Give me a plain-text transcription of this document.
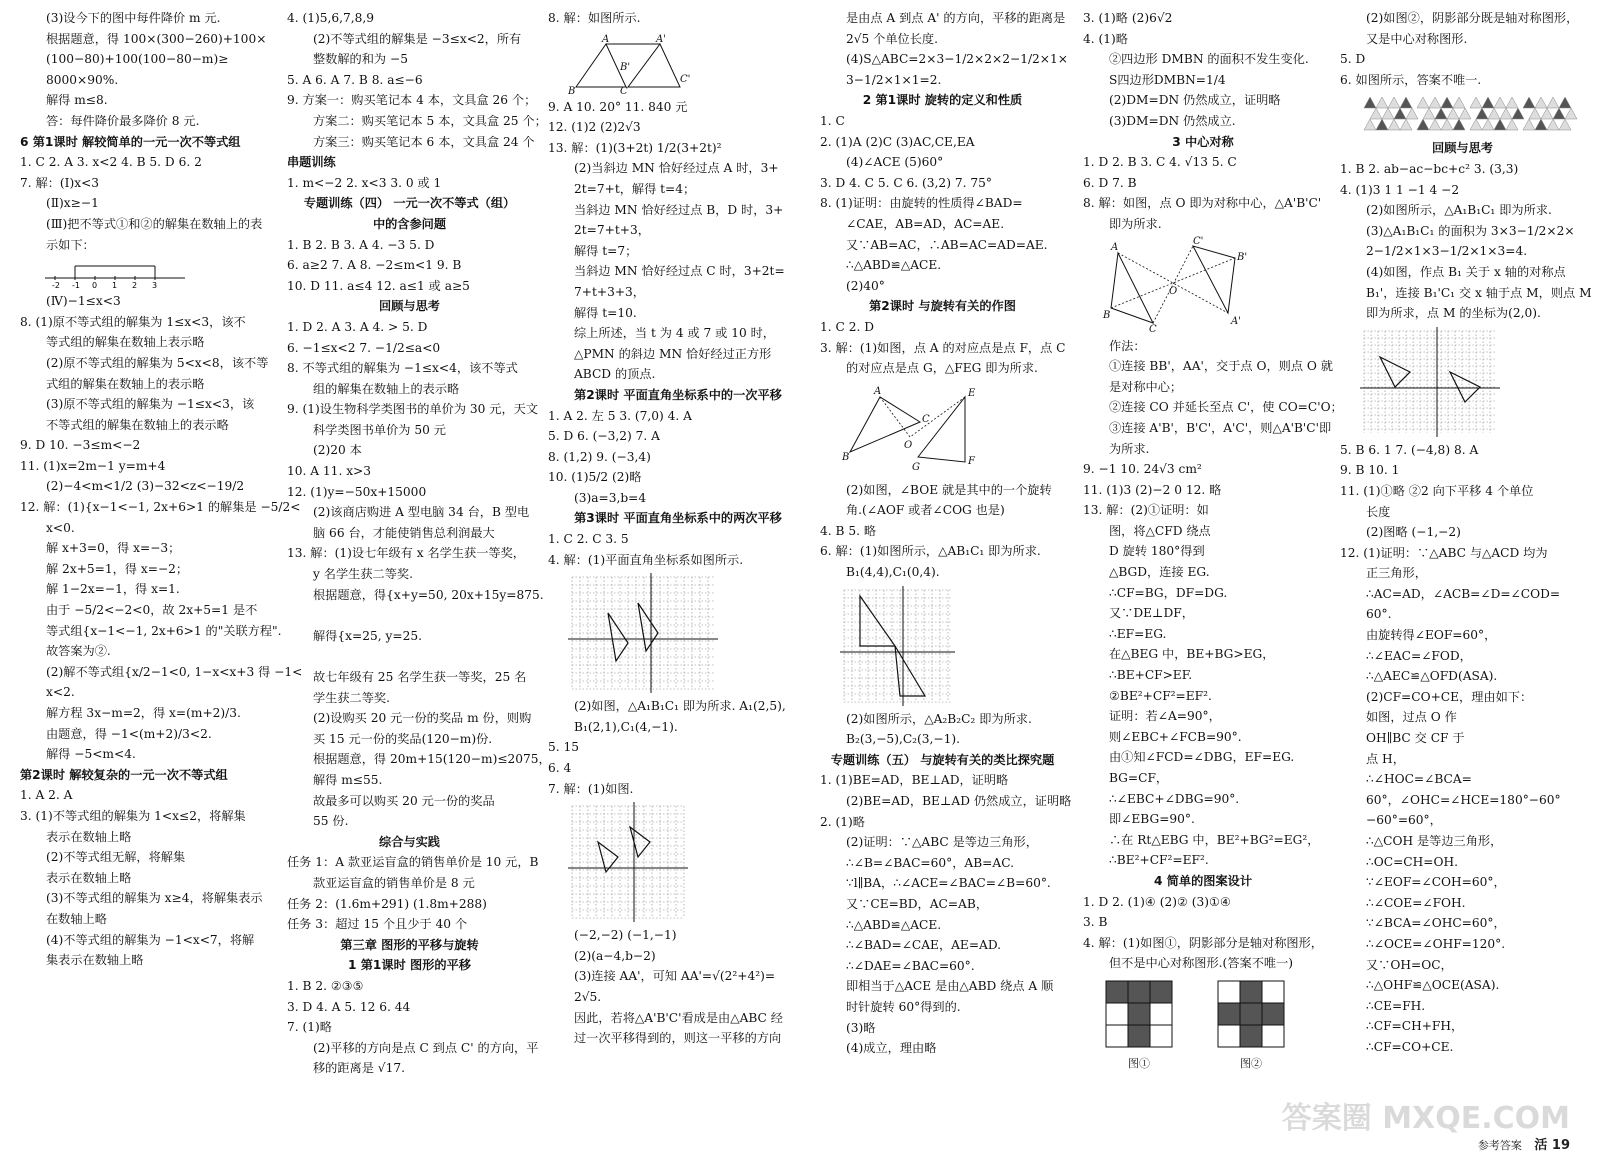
(3)设今下的图中每件降价 m 元.
根据题意，得 100×(300−260)+100×
(100−80)+100(100−80−m)≥
8000×90%.
解得 m≤8.
答：每件降价最多降价 8 元.
6 第1课时 解较简单的一元一次不等式组
1. C 2. A 3. x<2 4. B 5. D 6. 2
7. 解：(Ⅰ)x<3
(Ⅱ)x≥−1
(Ⅲ)把不等式①和②的解集在数轴上的表
示如下：
-2 -1 0 1 2 3
(Ⅳ)−1≤x<3
8. (1)原不等式组的解集为 1≤x<3，该不
等式组的解集在数轴上表示略
(2)原不等式组的解集为 5<x<8，该不等
式组的解集在数轴上的表示略
(3)原不等式组的解集为 −1≤x<3，该
不等式组的解集在数轴上的表示略
9. D 10. −3≤m<−2
11. (1)x=2m−1 y=m+4
(2)−4<m<1/2 (3)−32<z<−19/2
12. 解：(1){x−1<−1, 2x+6>1 的解集是 −5/2<
x<0.
解 x+3=0，得 x=−3；
解 2x+5=1，得 x=−2；
解 1−2x=−1，得 x=1.
由于 −5/2<−2<0，故 2x+5=1 是不
等式组{x−1<−1, 2x+6>1 的"关联方程".
故答案为②.
(2)解不等式组{x/2−1<0, 1−x<x+3 得 −1<
x<2.
解方程 3x−m=2，得 x=(m+2)/3.
由题意，得 −1<(m+2)/3<2.
解得 −5<m<4.
第2课时 解较复杂的一元一次不等式组
1. A 2. A
3. (1)不等式组的解集为 1<x≤2，将解集
表示在数轴上略
(2)不等式组无解，将解集
表示在数轴上略
(3)不等式组的解集为 x≥4，将解集表示
在数轴上略
(4)不等式组的解集为 −1<x<7，将解
集表示在数轴上略
4. (1)5,6,7,8,9
(2)不等式组的解集是 −3≤x<2，所有
整数解的和为 −5
5. A 6. A 7. B 8. a≤−6
9. 方案一：购买笔记本 4 本，文具盒 26 个；
方案二：购买笔记本 5 本，文具盒 25 个；
方案三：购买笔记本 6 本，文具盒 24 个
串题训练
1. m<−2 2. x<3 3. 0 或 1
专题训练（四） 一元一次不等式（组）
中的含参问题
1. B 2. B 3. A 4. −3 5. D
6. a≥2 7. A 8. −2≤m<1 9. B
10. D 11. a≤4 12. a≤1 或 a≥5
回顾与思考
1. D 2. A 3. A 4. > 5. D
6. −1≤x<2 7. −1/2≤a<0
8. 不等式组的解集为 −1≤x<4，该不等式
组的解集在数轴上的表示略
9. (1)设生物科学类图书的单价为 30 元，天文
科学类图书单价为 50 元
(2)20 本
10. A 11. x>3
12. (1)y=−50x+15000
(2)该商店购进 A 型电脑 34 台，B 型电
脑 66 台，才能使销售总利润最大
13. 解：(1)设七年级有 x 名学生获一等奖，
y 名学生获二等奖.
根据题意，得{x+y=50, 20x+15y=875.

解得{x=25, y=25.

故七年级有 25 名学生获一等奖，25 名
学生获二等奖.
(2)设购买 20 元一份的奖品 m 份，则购
买 15 元一份的奖品(120−m)份.
根据题意，得 20m+15(120−m)≤2075，
解得 m≤55.
故最多可以购买 20 元一份的奖品
55 份.
综合与实践
任务 1：A 款亚运盲盒的销售单价是 10 元，B
款亚运盲盒的销售单价是 8 元
任务 2：(1.6m+291) (1.8m+288)
任务 3：超过 15 个且少于 40 个
第三章 图形的平移与旋转
1 第1课时 图形的平移
1. B 2. ②③⑤
3. D 4. A 5. 12 6. 44
7. (1)略
(2)平移的方向是点 C 到点 C' 的方向，平
移的距离是 √17.
8. 解：如图所示.
A	A'
B
B'
C
C'
9. A 10. 20° 11. 840 元
12. (1)2 (2)2√3
13. 解：(1)(3+2t) 1/2(3+2t)²
(2)当斜边 MN 恰好经过点 A 时，3+
2t=7+t，解得 t=4；
当斜边 MN 恰好经过点 B，D 时，3+
2t=7+t+3，
解得 t=7；
当斜边 MN 恰好经过点 C 时，3+2t=
7+t+3+3，
解得 t=10.
综上所述，当 t 为 4 或 7 或 10 时，
△PMN 的斜边 MN 恰好经过正方形
ABCD 的顶点.
第2课时 平面直角坐标系中的一次平移
1. A 2. 左 5 3. (7,0) 4. A
5. D 6. (−3,2) 7. A
8. (1,2) 9. (−3,4)
10. (1)5/2 (2)略
(3)a=3,b=4
第3课时 平面直角坐标系中的两次平移
1. C 2. C 3. 5
4. 解：(1)平面直角坐标系如图所示.
(2)如图，△A₁B₁C₁ 即为所求. A₁(2,5),
B₁(2,1),C₁(4,−1).
5. 15
6. 4
7. 解：(1)如图.
(−2,−2) (−1,−1)
(2)(a−4,b−2)
(3)连接 AA'，可知 AA'=√(2²+4²)=
2√5.
因此，若将△A'B'C'看成是由△ABC 经
过一次平移得到的，则这一平移的方向
是由点 A 到点 A' 的方向，平移的距离是
2√5 个单位长度.
(4)S△ABC=2×3−1/2×2×2−1/2×1×
3−1/2×1×1=2.
2 第1课时 旋转的定义和性质
1. C
2. (1)A (2)C (3)AC,CE,EA
(4)∠ACE (5)60°
3. D 4. C 5. C 6. (3,2) 7. 75°
8. (1)证明：由旋转的性质得∠BAD=
∠CAE，AB=AD，AC=AE.
又∵AB=AC，∴AB=AC=AD=AE.
∴△ABD≌△ACE.
(2)40°
第2课时 与旋转有关的作图
1. C 2. D
3. 解：(1)如图，点 A 的对应点是点 F，点 C
的对应点是点 G，△FEG 即为所求.
A
B
C
O
E
F
G
(2)如图，∠BOE 就是其中的一个旋转
角.(∠AOF 或者∠COG 也是)
4. B 5. 略
6. 解：(1)如图所示，△AB₁C₁ 即为所求.
B₁(4,4),C₁(0,4).
(2)如图所示，△A₂B₂C₂ 即为所求.
B₂(3,−5),C₂(3,−1).
专题训练（五） 与旋转有关的类比探究题
1. (1)BE=AD，BE⊥AD，证明略
(2)BE=AD，BE⊥AD 仍然成立，证明略
2. (1)略
(2)证明：∵△ABC 是等边三角形，
∴∠B=∠BAC=60°，AB=AC.
∵l∥BA，∴∠ACE=∠BAC=∠B=60°.
又∵CE=BD，AC=AB，
∴△ABD≌△ACE.
∴∠BAD=∠CAE，AE=AD.
∴∠DAE=∠BAC=60°.
即相当于△ACE 是由△ABD 绕点 A 顺
时针旋转 60°得到的.
(3)略
(4)成立，理由略
3. (1)略 (2)6√2
4. (1)略
②四边形 DMBN 的面积不发生变化.
S四边形DMBN=1/4
(2)DM=DN 仍然成立，证明略
(3)DM=DN 仍然成立.
3 中心对称
1. D 2. B 3. C 4. √13 5. C
6. D 7. B
8. 解：如图，点 O 即为对称中心，△A'B'C'
即为所求.
A
B
C
O
A'
B'
C'
作法：
①连接 BB'，AA'，交于点 O，则点 O 就
是对称中心；
②连接 CO 并延长至点 C'，使 CO=C'O；
③连接 A'B'，B'C'，A'C'，则△A'B'C'即
为所求.
9. −1 10. 24√3 cm²
11. (1)3 (2)−2 0 12. 略
13. 解：(2)①证明：如
图，将△CFD 绕点
D 旋转 180°得到
△BGD，连接 EG.
∴CF=BG，DF=DG.
又∵DE⊥DF，
∴EF=EG.
在△BEG 中，BE+BG>EG，
∴BE+CF>EF.
②BE²+CF²=EF².
证明：若∠A=90°，
则∠EBC+∠FCB=90°.
由①知∠FCD=∠DBG，EF=EG.
BG=CF，
∴∠EBC+∠DBG=90°.
即∠EBG=90°.
∴在 Rt△EBG 中，BE²+BG²=EG²，
∴BE²+CF²=EF².
4 简单的图案设计
1. D 2. (1)④ (2)② (3)①④
3. B
4. 解：(1)如图①，阴影部分是轴对称图形，
但不是中心对称图形.(答案不唯一)
图①	图②
(2)如图②，阴影部分既是轴对称图形，
又是中心对称图形.
5. D
6. 如图所示，答案不唯一.
回顾与思考
1. B 2. ab−ac−bc+c² 3. (3,3)
4. (1)3 1 1 −1 4 −2
(2)如图所示，△A₁B₁C₁ 即为所求.
(3)△A₁B₁C₁ 的面积为 3×3−1/2×2×
2−1/2×1×3−1/2×1×3=4.
(4)如图，作点 B₁ 关于 x 轴的对称点
B₁'，连接 B₁'C₁ 交 x 轴于点 M，则点 M
即为所求，点 M 的坐标为(2,0).
5. B 6. 1 7. (−4,8) 8. A
9. B 10. 1
11. (1)①略 ②2 向下平移 4 个单位
长度
(2)图略 (−1,−2)
12. (1)证明：∵△ABC 与△ACD 均为
正三角形，
∴AC=AD，∠ACB=∠D=∠COD=
60°.
由旋转得∠EOF=60°，
∴∠EAC=∠FOD，
∴△AEC≌△OFD(ASA).
(2)CF=CO+CE，理由如下：
如图，过点 O 作
OH∥BC 交 CF 于
点 H，
∴∠HOC=∠BCA=
60°，∠OHC=∠HCE=180°−60°
−60°=60°，
∴△COH 是等边三角形，
∴OC=CH=OH.
∵∠EOF=∠COH=60°，
∴∠COE=∠FOH.
∵∠BCA=∠OHC=60°，
∴∠OCE=∠OHF=120°.
又∵OH=OC，
∴△OHF≌△OCE(ASA).
∴CE=FH.
∴CF=CH+FH，
∴CF=CO+CE.
答案圈 MXQE.COM
参考答案 活 19
